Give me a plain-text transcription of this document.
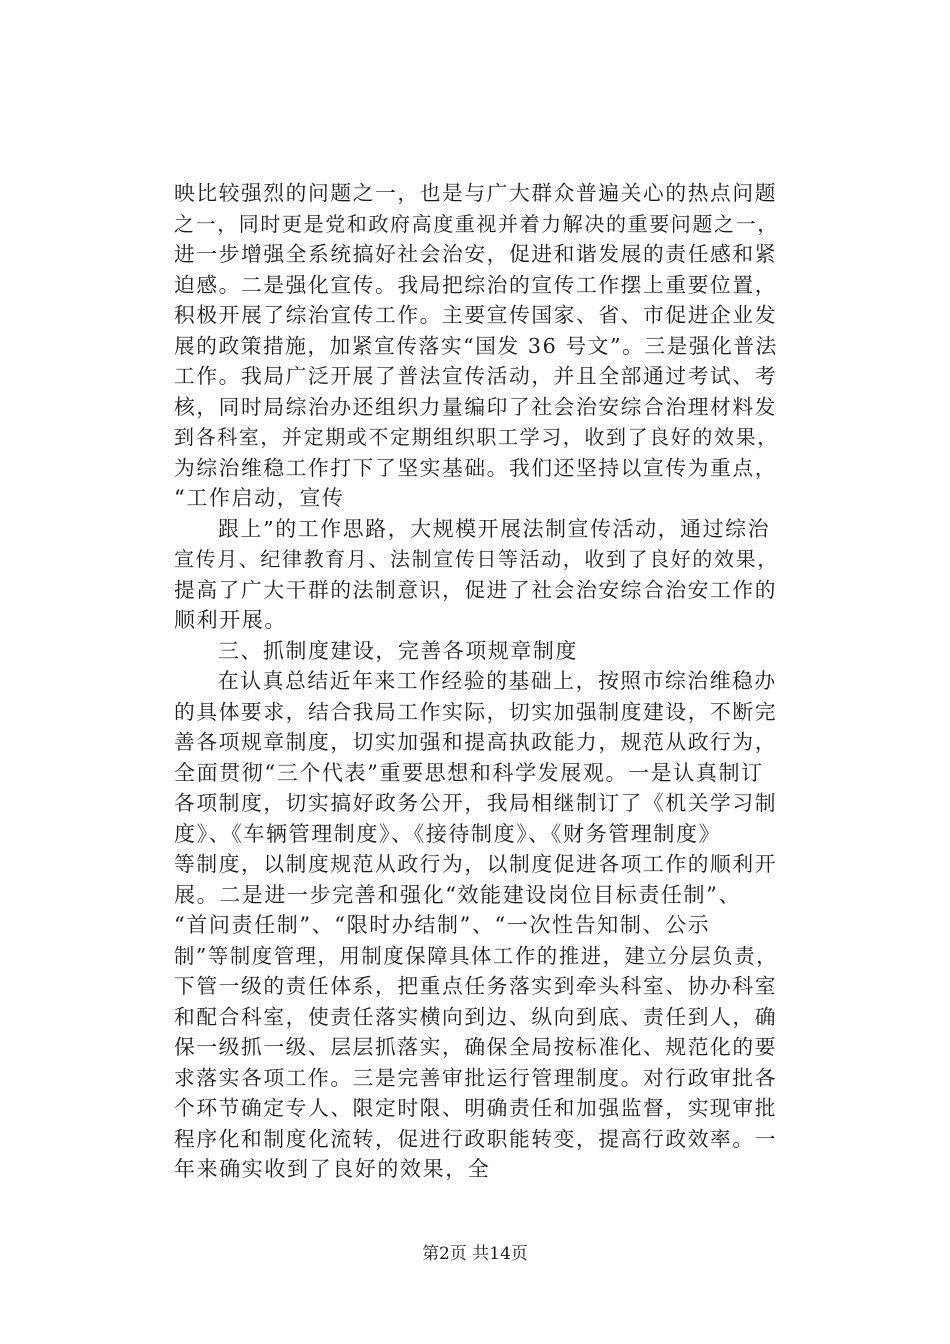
映比较强烈的问题之一，也是与广大群众普遍关心的热点问题
之一，同时更是党和政府高度重视并着力解决的重要问题之一，
进一步增强全系统搞好社会治安，促进和谐发展的责任感和紧
迫感。二是强化宣传。我局把综治的宣传工作摆上重要位置，
积极开展了综治宣传工作。主要宣传国家、省、市促进企业发
展的政策措施，加紧宣传落实“国发 36 号文”。三是强化普法
工作。我局广泛开展了普法宣传活动，并且全部通过考试、考
核，同时局综治办还组织力量编印了社会治安综合治理材料发
到各科室，并定期或不定期组织职工学习，收到了良好的效果，
为综治维稳工作打下了坚实基础。我们还坚持以宣传为重点，
“工作启动，宣传
跟上”的工作思路，大规模开展法制宣传活动，通过综治
宣传月、纪律教育月、法制宣传日等活动，收到了良好的效果，
提高了广大干群的法制意识，促进了社会治安综合治安工作的
顺利开展。
三、抓制度建设，完善各项规章制度
在认真总结近年来工作经验的基础上，按照市综治维稳办
的具体要求，结合我局工作实际，切实加强制度建设，不断完
善各项规章制度，切实加强和提高执政能力，规范从政行为，
全面贯彻“三个代表”重要思想和科学发展观。一是认真制订
各项制度，切实搞好政务公开，我局相继制订了《机关学习制
度》、《车辆管理制度》、《接待制度》、《财务管理制度》
等制度，以制度规范从政行为，以制度促进各项工作的顺利开
展。二是进一步完善和强化“效能建设岗位目标责任制”、
“首问责任制”、“限时办结制”、“一次性告知制、公示
制”等制度管理，用制度保障具体工作的推进，建立分层负责，
下管一级的责任体系，把重点任务落实到牵头科室、协办科室
和配合科室，使责任落实横向到边、纵向到底、责任到人，确
保一级抓一级、层层抓落实，确保全局按标准化、规范化的要
求落实各项工作。三是完善审批运行管理制度。对行政审批各
个环节确定专人、限定时限、明确责任和加强监督，实现审批
程序化和制度化流转，促进行政职能转变，提高行政效率。一
年来确实收到了良好的效果，全
第2页 共14页
